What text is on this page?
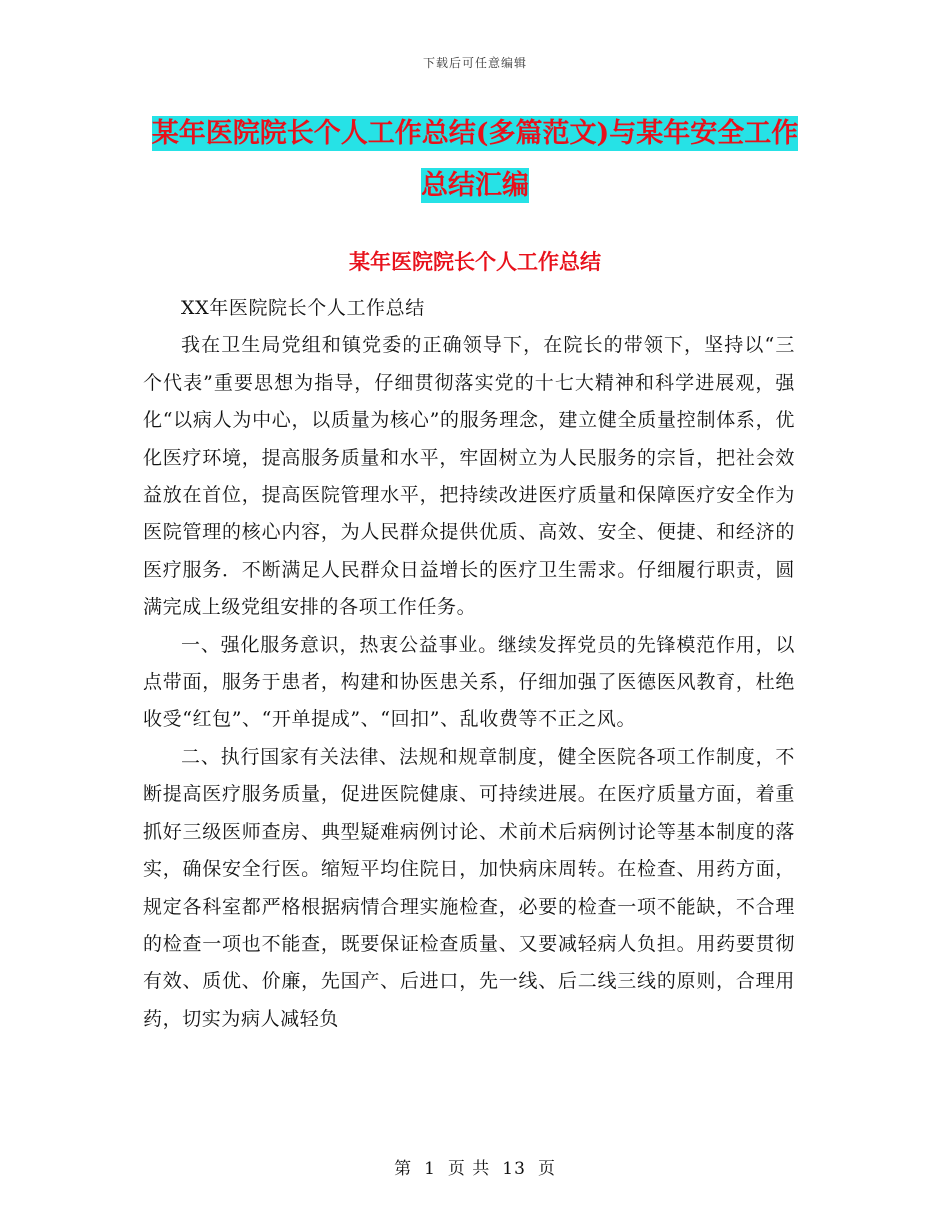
下载后可任意编辑
某年医院院长个人工作总结(多篇范文)与某年安全工作总结汇编
某年医院院长个人工作总结

XX年医院院长个人工作总结

我在卫生局党组和镇党委的正确领导下，在院长的带领下，坚持以“三个代表”重要思想为指导，仔细贯彻落实党的十七大精神和科学进展观，强化“以病人为中心，以质量为核心”的服务理念，建立健全质量控制体系，优化医疗环境，提高服务质量和水平，牢固树立为人民服务的宗旨，把社会效益放在首位，提高医院管理水平，把持续改进医疗质量和保障医疗安全作为医院管理的核心内容，为人民群众提供优质、高效、安全、便捷、和经济的医疗服务．不断满足人民群众日益增长的医疗卫生需求。仔细履行职责，圆满完成上级党组安排的各项工作任务。

一、强化服务意识，热衷公益事业。继续发挥党员的先锋模范作用，以点带面，服务于患者，构建和协医患关系，仔细加强了医德医风教育，杜绝收受“红包”、“开单提成”、“回扣”、乱收费等不正之风。

二、执行国家有关法律、法规和规章制度，健全医院各项工作制度，不断提高医疗服务质量，促进医院健康、可持续进展。在医疗质量方面，着重抓好三级医师查房、典型疑难病例讨论、术前术后病例讨论等基本制度的落实，确保安全行医。缩短平均住院日，加快病床周转。在检查、用药方面，规定各科室都严格根据病情合理实施检查，必要的检查一项不能缺，不合理的检查一项也不能查，既要保证检查质量、又要减轻病人负担。用药要贯彻有效、质优、价廉，先国产、后进口，先一线、后二线三线的原则，合理用药，切实为病人减轻负

第 1 页 共 13 页
